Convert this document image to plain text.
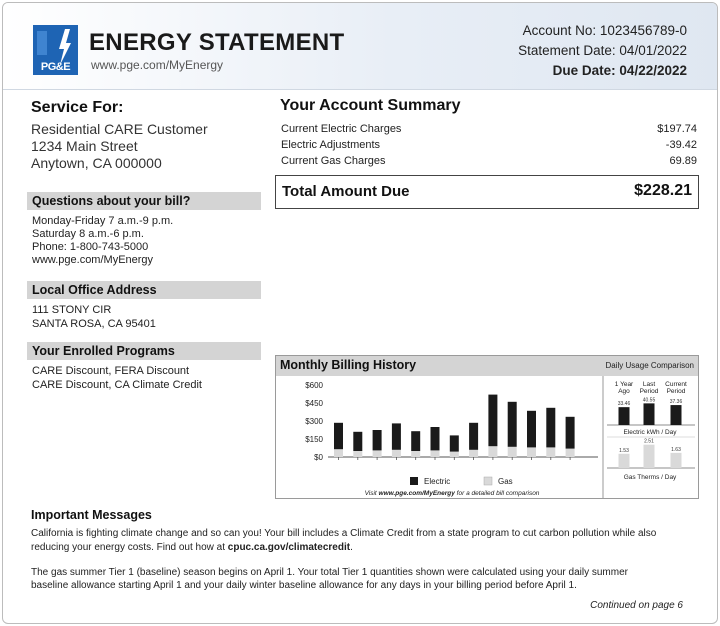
PG&E
ENERGY STATEMENT
www.pge.com/MyEnergy
Account No: 1023456789-0
Statement Date: 04/01/2022
Due Date: 04/22/2022
Service For:
Residential CARE Customer
1234 Main Street
Anytown, CA 000000
Questions about your bill?
Monday-Friday 7 a.m.-9 p.m.
Saturday 8 a.m.-6 p.m.
Phone: 1-800-743-5000
www.pge.com/MyEnergy
Local Office Address
111 STONY CIR
SANTA ROSA, CA 95401
Your Enrolled Programs
CARE Discount, FERA Discount
CARE Discount, CA Climate Credit
Your Account Summary
Current Electric Charges	$197.74
Electric Adjustments	-39.42
Current Gas Charges	69.89
Total Amount Due	$228.21
Monthly Billing History	Daily Usage Comparison
$600
$450
$300
$150
$0
Electric	Gas
Visit www.pge.com/MyEnergy for a detailed bill comparison
1 Year
Ago
Last
Period
Current
Period
33.46
40.55	37.36
Electric kWh / Day
1.53
2.51
1.63
Gas Therms / Day
Important Messages
California is fighting climate change and so can you! Your bill includes a Climate Credit from a state program to cut carbon pollution while also
reducing your energy costs. Find out how at cpuc.ca.gov/climatecredit.
The gas summer Tier 1 (baseline) season begins on April 1. Your total Tier 1 quantities shown were calculated using your daily summer
baseline allowance starting April 1 and your daily winter baseline allowance for any days in your billing period before April 1.
Continued on page 6
